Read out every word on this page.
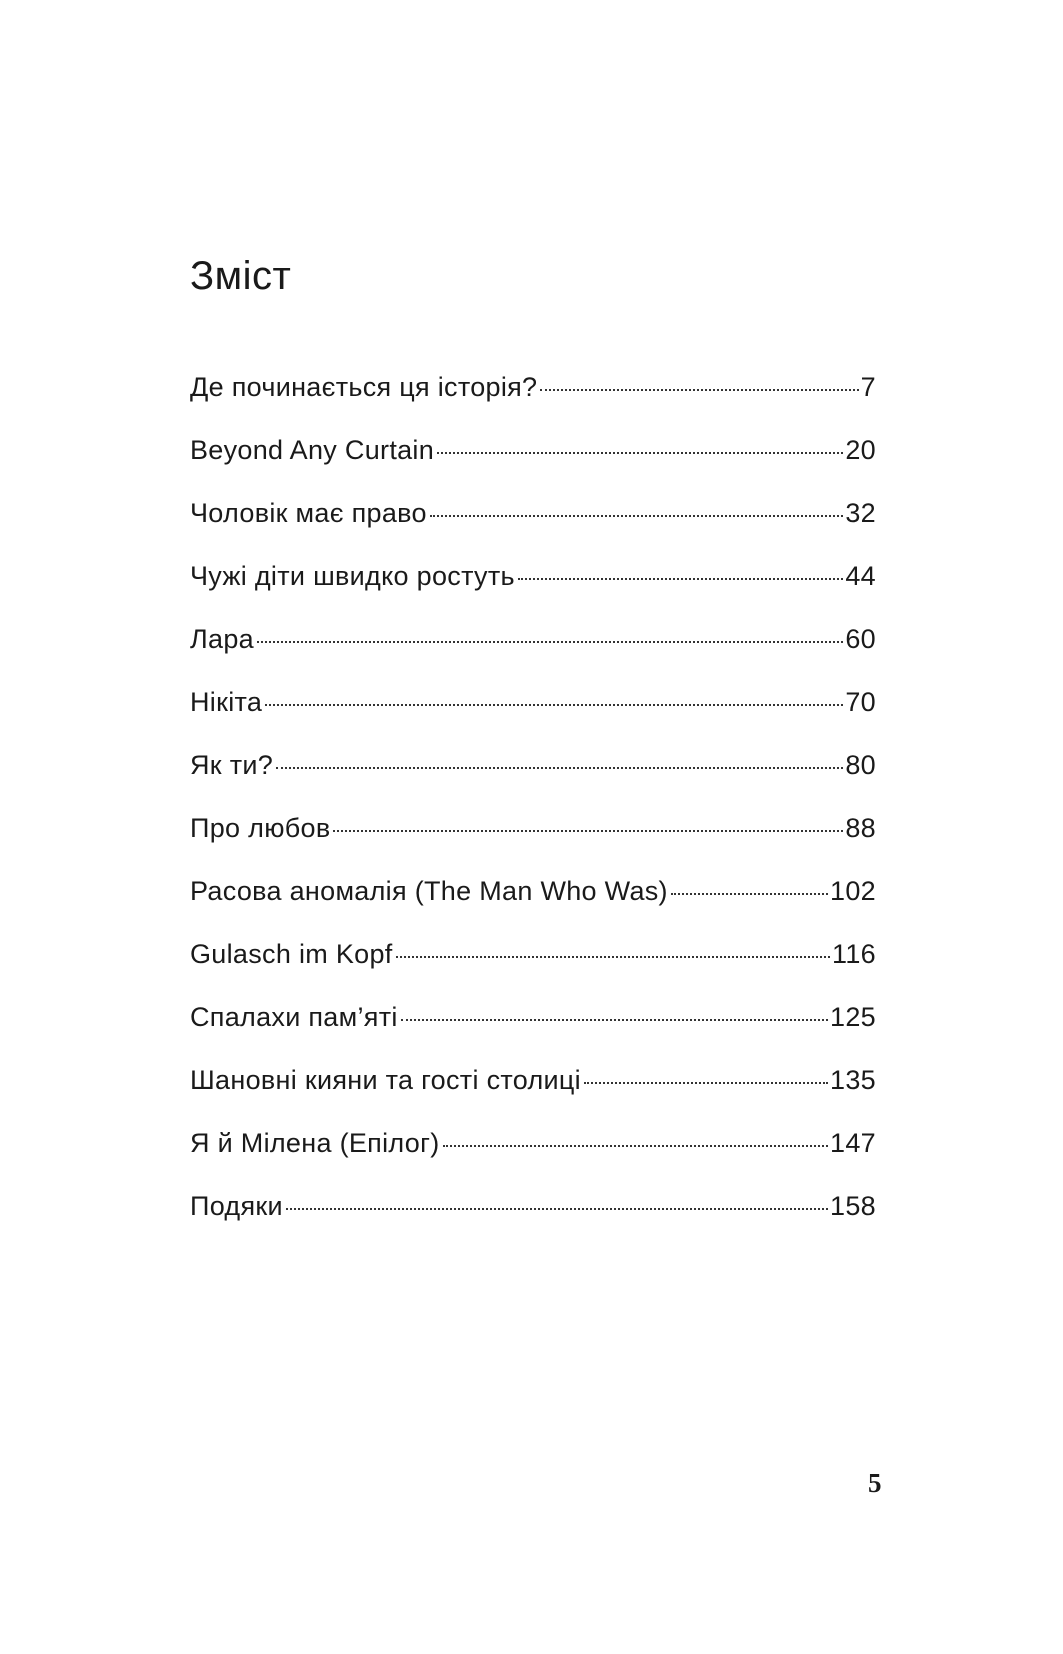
Зміст
Де починається ця історія?	7
Beyond Any Curtain	20
Чоловік має право	32
Чужі діти швидко ростуть	44
Лара	60
Нікіта	70
Як ти?	80
Про любов	88
Расова аномалія (The Man Who Was)	102
Gulasch im Kopf	116
Спалахи пам’яті	125
Шановні кияни та гості столиці	135
Я й Мілена (Епілог)	147
Подяки	158
5
